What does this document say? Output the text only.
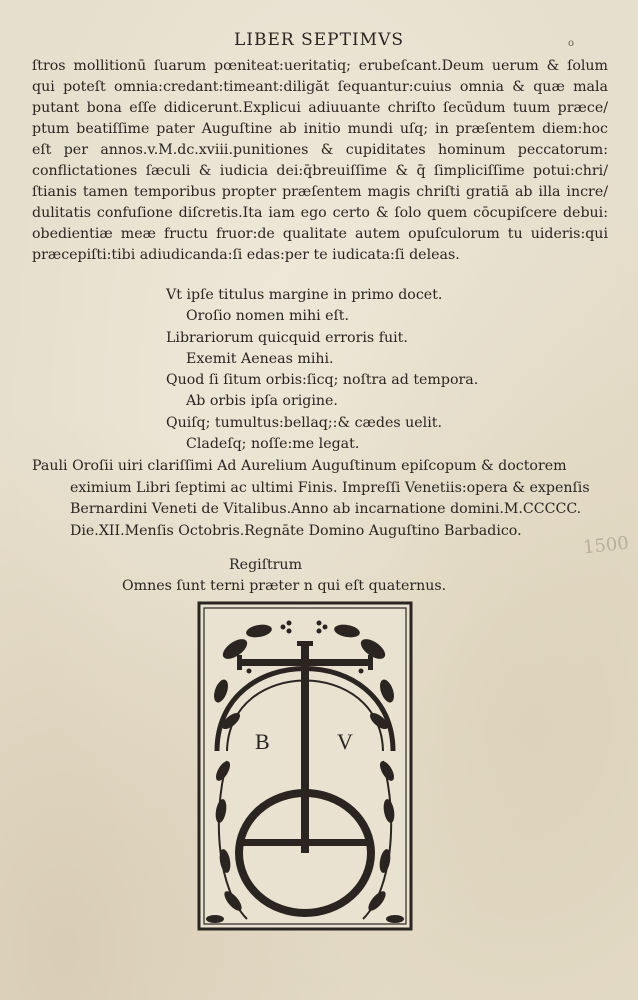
LIBER SEPTIMVS	o
ſtros mollitionū ſuarum pœniteat:ueritatiq; erubeſcant.Deum uerum & ſolum
qui poteſt omnia:credant:timeant:diligăt ſequantur:cuius omnia & quæ mala
putant bona eſſe didicerunt.Explicui adiuuante chriſto ſecūdum tuum præce/
ptum beatiſſime pater Auguſtine ab initio mundi uſq; in præſentem diem:hoc
eſt per annos.v.M.dc.xviii.punitiones & cupiditates hominum peccatorum:
conflictationes ſæculi & iudicia dei:q̄breuiſſime & q̄ ſimpliciſſime potui:chri/
ſtianis tamen temporibus propter præſentem magis chriſti gratiā ab illa incre/
dulitatis confuſione diſcretis.Ita iam ego certo & ſolo quem cōcupiſcere debui:
obedientiæ meæ fructu fruor:de qualitate autem opuſculorum tu uideris:qui
præcepiſti:tibi adiudicanda:ſi edas:per te iudicata:ſi deleas.
Vt ipſe titulus margine in primo docet.
Oroſio nomen mihi eſt.
Librariorum quicquid erroris fuit.
Exemit Aeneas mihi.
Quod ſi ſitum orbis:ſicq; noſtra ad tempora.
Ab orbis ipſa origine.
Quiſq; tumultus:bellaq;:& cædes uelit.
Cladeſq; noſſe:me legat.
Pauli Oroſii uiri clariſſimi Ad Aurelium Auguſtinum epiſcopum & doctorem
eximium Libri ſeptimi ac ultimi Finis. Impreſſi Venetiis:opera & expenſis
Bernardini Veneti de Vitalibus.Anno ab incarnatione domini.M.CCCCC.
Die.XII.Menſis Octobris.Regnāte Domino Auguſtino Barbadico.
Regiſtrum
Omnes ſunt terni præter n qui eſt quaternus.
1500
B	V
